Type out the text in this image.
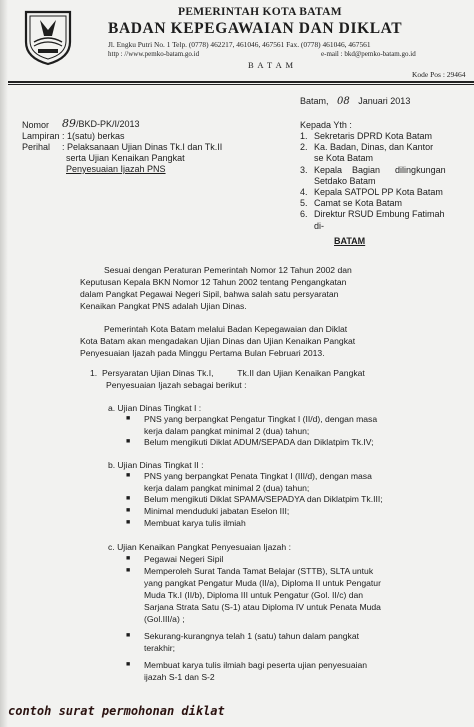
BATAM
PEMERINTAH KOTA BATAM
BADAN KEPEGAWAIAN DAN DIKLAT
Jl. Engku Putri No. 1 Telp. (0778) 462217, 461046, 467561 Fax. (0778) 461046, 467561
http : //www.pemko-batam.go.id	e-mail : bkd@pemko-batam.go.id
B A T A M
Kode Pos : 29464
Batam, 08 Januari 2013
Nomor 89/BKD-PK/I/2013
Lampiran : 1(satu) berkas
Perihal : Pelaksanaan Ujian Dinas Tk.I dan Tk.II
serta Ujian Kenaikan Pangkat
Penyesuaian Ijazah PNS
Kepada Yth :
1. Sekretaris DPRD Kota Batam
2. Ka. Badan, Dinas, dan Kantor
se Kota Batam
3. Kepala    Bagian      dilingkungan
Setdako Batam
4. Kepala SATPOL PP Kota Batam
5. Camat se Kota Batam
6. Direktur RSUD Embung Fatimah
di-
BATAM
Sesuai dengan Peraturan Pemerintah Nomor 12 Tahun 2002 dan
Keputusan Kepala BKN Nomor 12 Tahun 2002 tentang Pengangkatan
dalam Pangkat Pegawai Negeri Sipil, bahwa salah satu persyaratan
Kenaikan Pangkat PNS adalah Ujian Dinas.
Pemerintah Kota Batam melalui Badan Kepegawaian dan Diklat
Kota Batam akan mengadakan Ujian Dinas dan Ujian Kenaikan Pangkat
Penyesuaian Ijazah pada Minggu Pertama Bulan Februari 2013.
1.  Persyaratan Ujian Dinas Tk.I,          Tk.II dan Ujian Kenaikan Pangkat
Penyesuaian Ijazah sebagai berikut :
a. Ujian Dinas Tingkat I :
■ PNS yang berpangkat Pengatur Tingkat I (II/d), dengan masa
kerja dalam pangkat minimal 2 (dua) tahun;
■ Belum mengikuti Diklat ADUM/SEPADA dan Diklatpim Tk.IV;
b. Ujian Dinas Tingkat II :
■ PNS yang berpangkat Penata Tingkat I (III/d), dengan masa
kerja dalam pangkat minimal 2 (dua) tahun;
■ Belum mengikuti Diklat SPAMA/SEPADYA dan Diklatpim Tk.III;
■ Minimal menduduki jabatan Eselon III;
■ Membuat karya tulis ilmiah
c. Ujian Kenaikan Pangkat Penyesuaian Ijazah :
■ Pegawai Negeri Sipil
■ Memperoleh Surat Tanda Tamat Belajar (STTB), SLTA untuk
yang pangkat Pengatur Muda (II/a), Diploma II untuk Pengatur
Muda Tk.I (II/b), Diploma III untuk Pengatur (Gol. II/c) dan
Sarjana Strata Satu (S-1) atau Diploma IV untuk Penata Muda
(Gol.III/a) ;
■ Sekurang-kurangnya telah 1 (satu) tahun dalam pangkat
terakhir;
■ Membuat karya tulis ilmiah bagi peserta ujian penyesuaian
ijazah S-1 dan S-2
contoh surat permohonan diklat
